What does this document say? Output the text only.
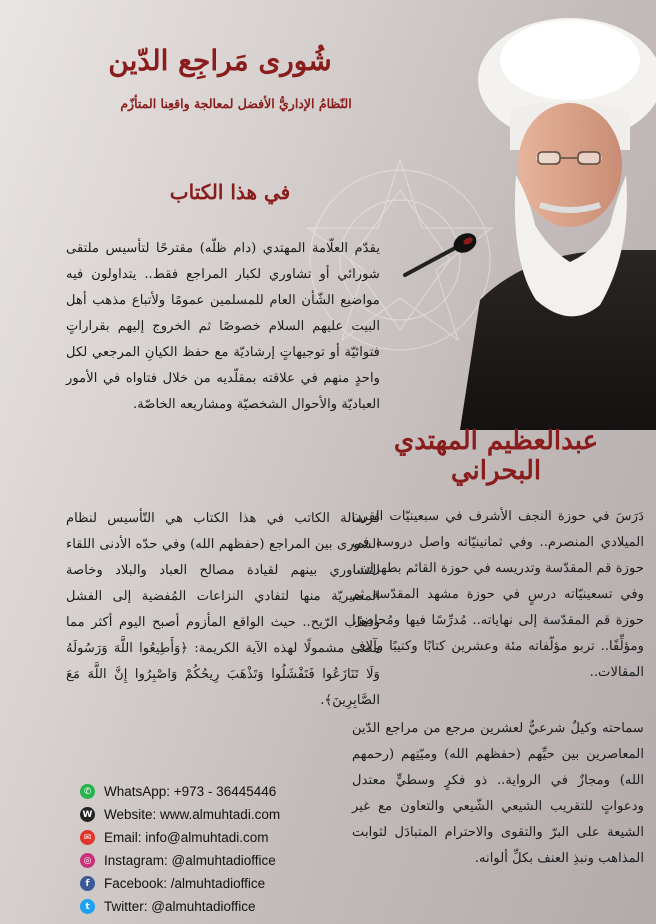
شُورى مَراجِع الدّين
النّظامُ الإداريُّ الأفضل لمعالجة واقعِنا المتأزّم
في هذا الكتاب
عبدالعظيم المهتدي البحراني

يقدّم العلّامة المهتدي (دام ظلّه) مقترحًا لتأسيس ملتقى شورائي أو تشاوري لكبار المراجع فقط.. يتداولون فيه مواضيع الشّأن العام للمسلمين عمومًا ولأتباع مذهب أهل البيت عليهم السلام خصوصًا ثم الخروج إليهم بقراراتٍ فتوائيّة أو توجيهاتٍ إرشاديّة مع حفظ الكيانِ المرجعي لكل واحدٍ منهم في علاقته بمقلّديه من خلال فتاواه في الأمور العباديّة والأحوال الشخصيّة ومشاريعه الخاصّة.

فرسالة الكاتب في هذا الكتاب هي التّأسيس لنظام الشورى بين المراجع (حفظهم الله) وفي حدّه الأدنى اللقاء التشاوري بينهم لقيادة مصالح العباد والبلاد وخاصة المصيريّة منها لتفادي النزاعات المُفضية إلى الفشل وذهاب الرّيح.. حيث الواقع المأزوم أصبح اليوم أكثر مما مضى مشمولًا لهذه الآية الكريمة: ﴿وَأَطِيعُوا اللَّهَ وَرَسُولَهُ وَلَا تَنَازَعُوا فَتَفْشَلُوا وَتَذْهَبَ رِيحُكُمْ وَاصْبِرُوا إِنَّ اللَّهَ مَعَ الصَّابِرِينَ﴾.

دَرَسَ في حوزة النجف الأشرف في سبعينيّات القرن الميلادي المنصرم.. وفي ثمانينيّاته واصل دروسه في حوزة قم المقدّسة وتدريسه في حوزة القائم بطهران.. وفي تسعينيّاته درسٍ في حوزة مشهد المقدّسة ثم حوزة قم المقدّسة إلى نهاياته.. مُدرِّسًا فيها ومُحاضِرًا ومؤلِّفًا.. تربو مؤلّفاته مئة وعشرين كتابًا وكتيبًا وآلاف المقالات..

سماحته وكيلٌ شرعيٌّ لعشرين مرجع من مراجع الدّين المعاصرين بين حيِّهم (حفظهم الله) وميّتِهم (رحمهم الله) ومجازٌ في الرواية.. ذو فكرٍ وسطيٍّ معتدل ودعواتٍ للتقريب الشيعي الشّيعي والتعاون مع غير الشيعة على البرّ والتقوى والاحترام المتبادَل لثوابت المذاهب ونبذِ العنف بكلِّ ألوانه.

✆ WhatsApp: +973 - 36445446
W Website: www.almuhtadi.com
✉ Email: info@almuhtadi.com
◎ Instagram: @almuhtadioffice
f	Facebook: /almuhtadioffice
t	Twitter: @almuhtadioffice
